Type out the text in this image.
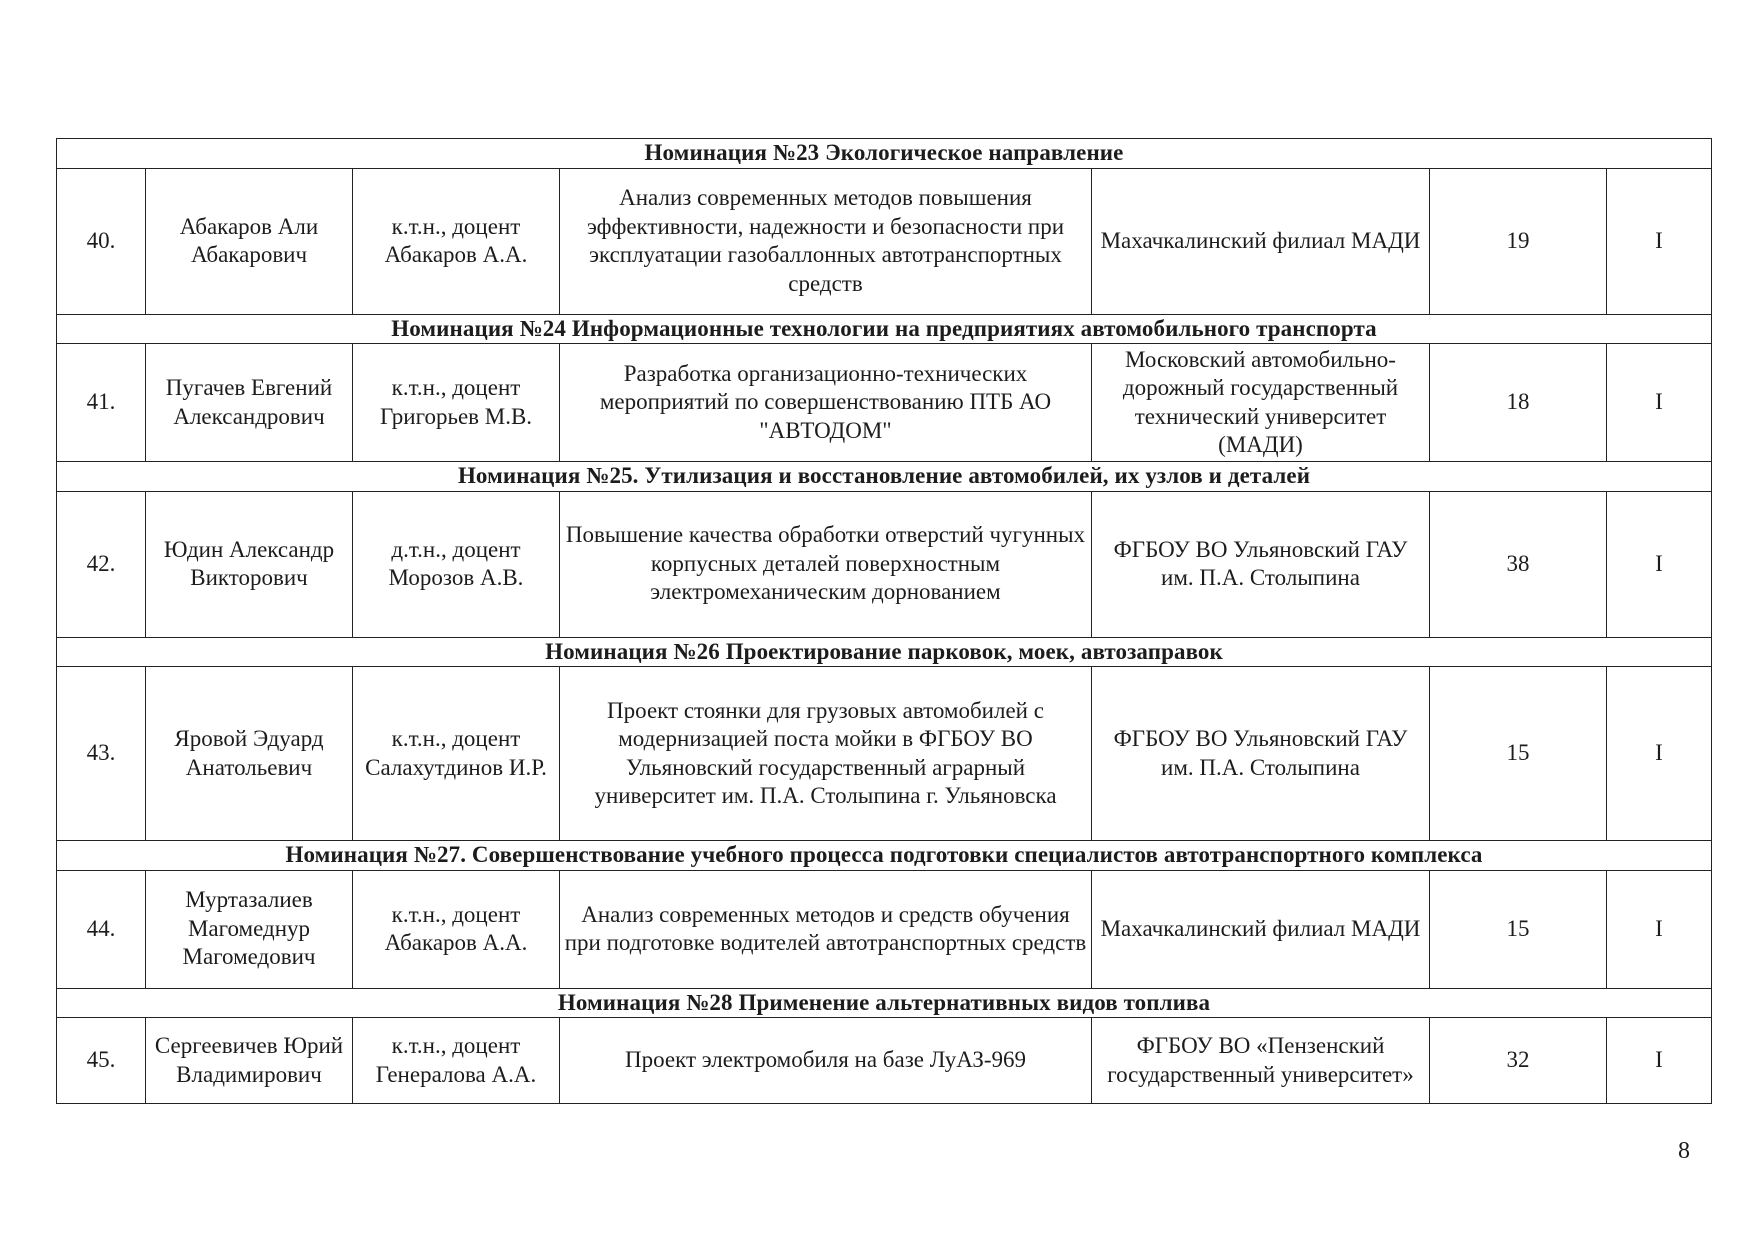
Номинация №23 Экологическое направление						
40.	Абакаров Али Абакарович	к.т.н., доцент Абакаров А.А.	Анализ современных методов повышения эффективности, надежности и безопасности при эксплуатации газобаллонных автотранспортных средств	Махачкалинский филиал МАДИ	19	I
Номинация №24 Информационные технологии на предприятиях автомобильного транспорта						
41.	Пугачев Евгений Александрович	к.т.н., доцент Григорьев М.В.	Разработка организационно-технических мероприятий по совершенствованию ПТБ АО "АВТОДОМ"	Московский автомобильно-дорожный государственный технический университет (МАДИ)	18	I
Номинация №25. Утилизация и восстановление автомобилей, их узлов и деталей						
42.	Юдин Александр Викторович	д.т.н., доцент Морозов А.В.	Повышение качества обработки отверстий чугунных корпусных деталей поверхностным электромеханическим дорнованием	ФГБОУ ВО Ульяновский ГАУ им. П.А. Столыпина	38	I
Номинация №26 Проектирование парковок, моек, автозаправок						
43.	Яровой Эдуард Анатольевич	к.т.н., доцент Салахутдинов И.Р.	Проект стоянки для грузовых автомобилей с модернизацией поста мойки в ФГБОУ ВО Ульяновский государственный аграрный университет им. П.А. Столыпина г. Ульяновска	ФГБОУ ВО Ульяновский ГАУ им. П.А. Столыпина	15	I
Номинация №27. Совершенствование учебного процесса подготовки специалистов автотранспортного комплекса						
44.	Муртазалиев Магомеднур Магомедович	к.т.н., доцент Абакаров А.А.	Анализ современных методов и средств обучения при подготовке водителей автотранспортных средств	Махачкалинский филиал МАДИ	15	I
Номинация №28 Применение альтернативных видов топлива						
45.	Сергеевичев Юрий Владимирович	к.т.н., доцент Генералова А.А.	Проект электромобиля на базе ЛуАЗ-969	ФГБОУ ВО «Пензенский государственный университет»	32	I
8
